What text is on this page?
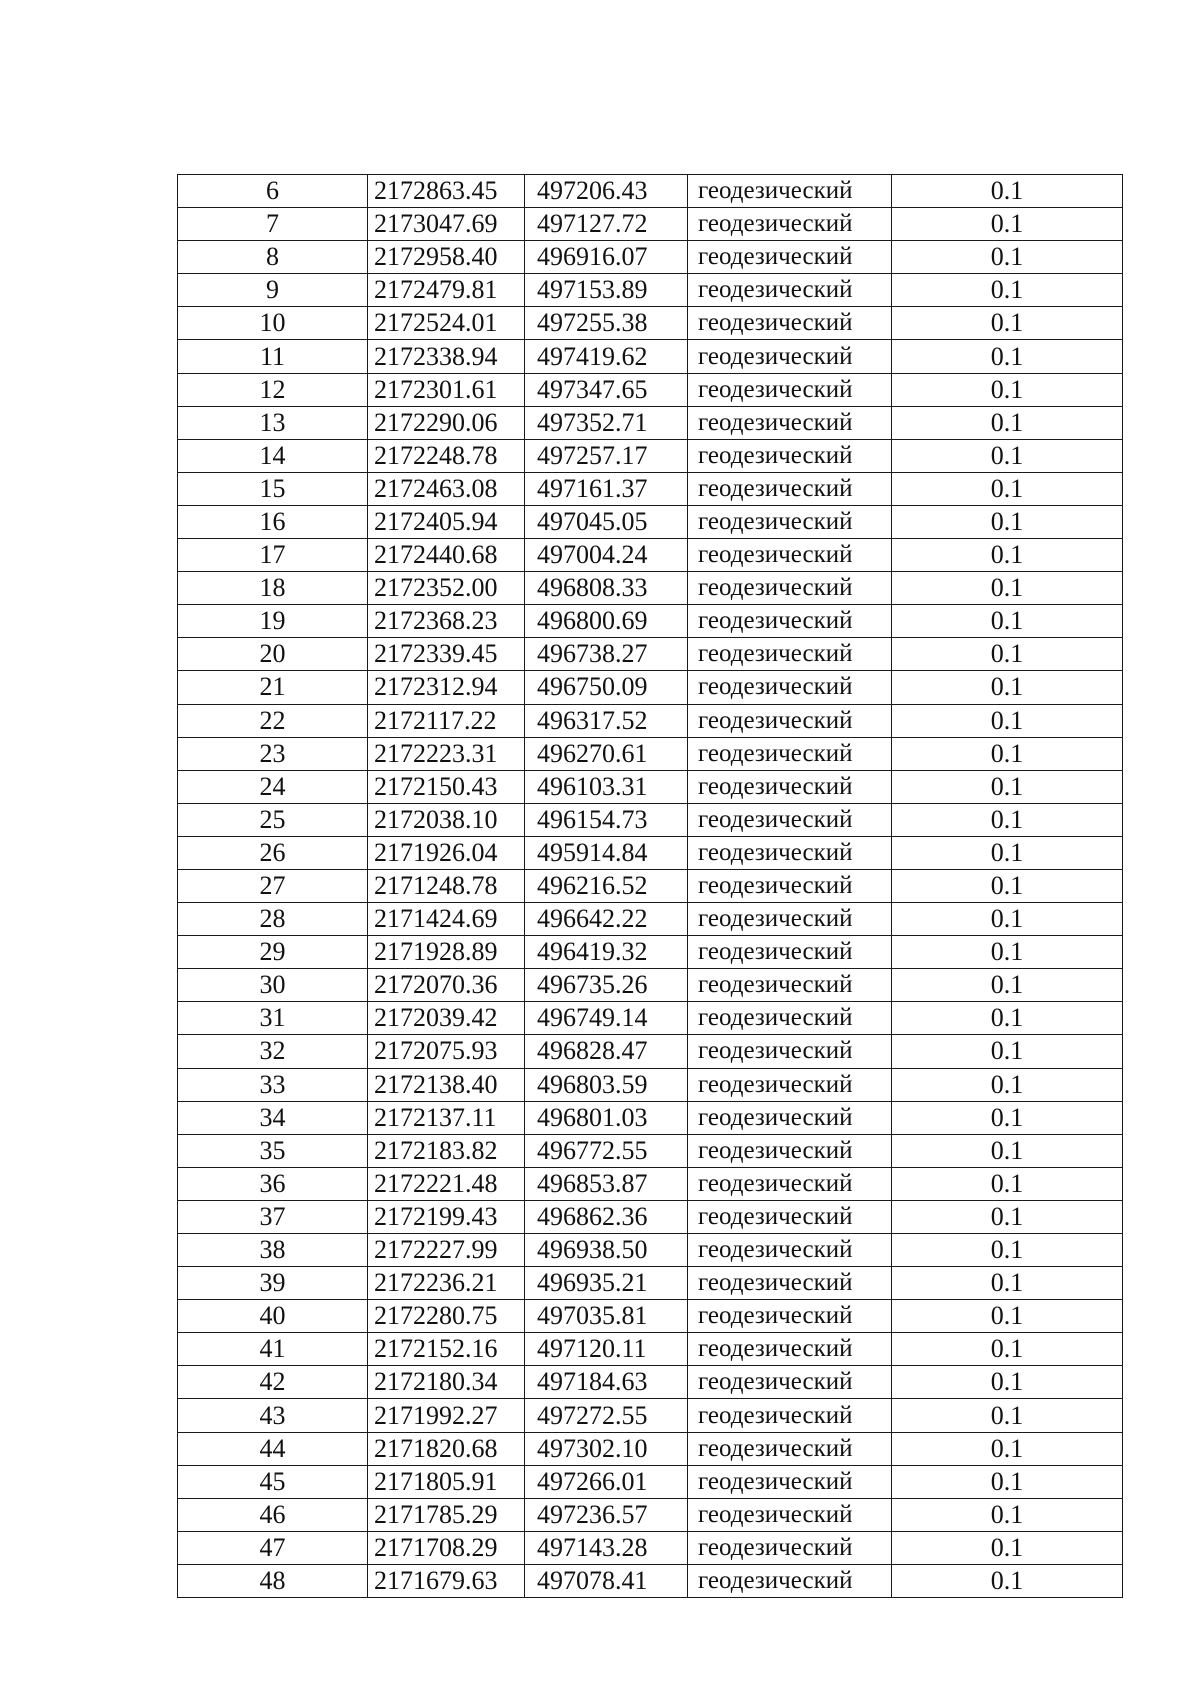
6	2172863.45	497206.43	геодезический	0.1
7	2173047.69	497127.72	геодезический	0.1
8	2172958.40	496916.07	геодезический	0.1
9	2172479.81	497153.89	геодезический	0.1
10	2172524.01	497255.38	геодезический	0.1
11	2172338.94	497419.62	геодезический	0.1
12	2172301.61	497347.65	геодезический	0.1
13	2172290.06	497352.71	геодезический	0.1
14	2172248.78	497257.17	геодезический	0.1
15	2172463.08	497161.37	геодезический	0.1
16	2172405.94	497045.05	геодезический	0.1
17	2172440.68	497004.24	геодезический	0.1
18	2172352.00	496808.33	геодезический	0.1
19	2172368.23	496800.69	геодезический	0.1
20	2172339.45	496738.27	геодезический	0.1
21	2172312.94	496750.09	геодезический	0.1
22	2172117.22	496317.52	геодезический	0.1
23	2172223.31	496270.61	геодезический	0.1
24	2172150.43	496103.31	геодезический	0.1
25	2172038.10	496154.73	геодезический	0.1
26	2171926.04	495914.84	геодезический	0.1
27	2171248.78	496216.52	геодезический	0.1
28	2171424.69	496642.22	геодезический	0.1
29	2171928.89	496419.32	геодезический	0.1
30	2172070.36	496735.26	геодезический	0.1
31	2172039.42	496749.14	геодезический	0.1
32	2172075.93	496828.47	геодезический	0.1
33	2172138.40	496803.59	геодезический	0.1
34	2172137.11	496801.03	геодезический	0.1
35	2172183.82	496772.55	геодезический	0.1
36	2172221.48	496853.87	геодезический	0.1
37	2172199.43	496862.36	геодезический	0.1
38	2172227.99	496938.50	геодезический	0.1
39	2172236.21	496935.21	геодезический	0.1
40	2172280.75	497035.81	геодезический	0.1
41	2172152.16	497120.11	геодезический	0.1
42	2172180.34	497184.63	геодезический	0.1
43	2171992.27	497272.55	геодезический	0.1
44	2171820.68	497302.10	геодезический	0.1
45	2171805.91	497266.01	геодезический	0.1
46	2171785.29	497236.57	геодезический	0.1
47	2171708.29	497143.28	геодезический	0.1
48	2171679.63	497078.41	геодезический	0.1
